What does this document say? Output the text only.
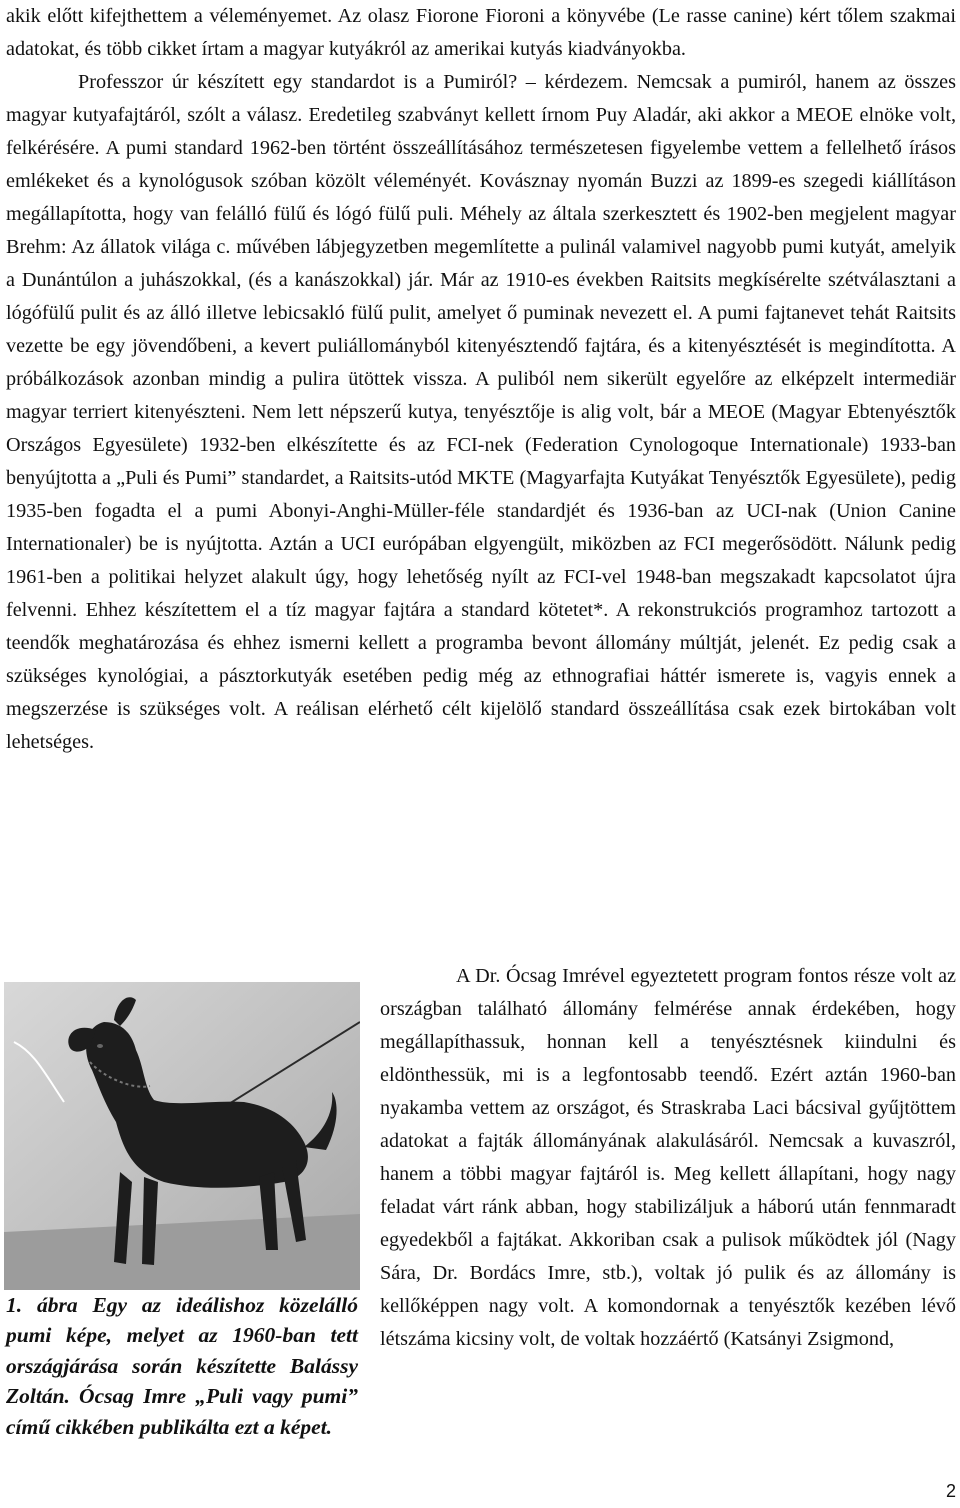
akik előtt kifejthettem a véleményemet. Az olasz Fiorone Fioroni a könyvébe (Le rasse canine) kért tőlem szakmai adatokat, és több cikket írtam a magyar kutyákról az amerikai kutyás kiadványokba.

Professzor úr készített egy standardot is a Pumiról? – kérdezem. Nemcsak a pumiról, hanem az összes magyar kutyafajtáról, szólt a válasz. Eredetileg szabványt kellett írnom Puy Aladár, aki akkor a MEOE elnöke volt, felkérésére. A pumi standard 1962-ben történt összeállításához természetesen figyelembe vettem a fellelhető írásos emlékeket és a kynológusok szóban közölt véleményét. Kovásznay nyomán Buzzi az 1899-es szegedi kiállításon megállapította, hogy van felálló fülű és lógó fülű puli. Méhely az általa szerkesztett és 1902-ben megjelent magyar Brehm: Az állatok világa c. művében lábjegyzetben megemlítette a pulinál valamivel nagyobb pumi kutyát, amelyik a Dunántúlon a juhászokkal, (és a kanászokkal) jár. Már az 1910-es években Raitsits megkísérelte szétválasztani a lógófülű pulit és az álló illetve lebicsakló fülű pulit, amelyet ő puminak nevezett el. A pumi fajtanevet tehát Raitsits vezette be egy jövendőbeni, a kevert puliállományból kitenyésztendő fajtára, és a kitenyésztését is megindította. A próbálkozások azonban mindig a pulira ütöttek vissza. A puliból nem sikerült egyelőre az elképzelt intermediär magyar terriert kitenyészteni. Nem lett népszerű kutya, tenyésztője is alig volt, bár a MEOE (Magyar Ebtenyésztők Országos Egyesülete) 1932-ben elkészítette és az FCI-nek (Federation Cynologoque Internationale) 1933-ban benyújtotta a „Puli és Pumi” standardet, a Raitsits-utód MKTE (Magyarfajta Kutyákat Tenyésztők Egyesülete), pedig 1935-ben fogadta el a pumi Abonyi-Anghi-Müller-féle standardjét és 1936-ban az UCI-nak (Union Canine Internationaler) be is nyújtotta. Aztán a UCI európában elgyengült, miközben az FCI megerősödött. Nálunk pedig 1961-ben a politikai helyzet alakult úgy, hogy lehetőség nyílt az FCI-vel 1948-ban megszakadt kapcsolatot újra felvenni. Ehhez készítettem el a tíz magyar fajtára a standard kötetet*. A rekonstrukciós programhoz tartozott a teendők meghatározása és ehhez ismerni kellett a programba bevont állomány múltját, jelenét. Ez pedig csak a szükséges kynológiai, a pásztorkutyák esetében pedig még az ethnografiai háttér ismerete is, vagyis ennek a megszerzése is szükséges volt. A reálisan elérhető célt kijelölő standard összeállítása csak ezek birtokában volt lehetséges.

1. ábra Egy az ideálishoz közelálló pumi képe, melyet az 1960-ban tett országjárása során készítette Balássy Zoltán. Ócsag Imre „Puli vagy pumi” című cikkében publikálta ezt a képet.

A Dr. Ócsag Imrével egyeztetett program fontos része volt az országban található állomány felmérése annak érdekében, hogy megállapíthassuk, honnan kell a tenyésztésnek kiindulni és eldönthessük, mi is a legfontosabb teendő. Ezért aztán 1960-ban nyakamba vettem az országot, és Straskraba Laci bácsival gyűjtöttem adatokat a fajták állományának alakulásáról. Nemcsak a kuvaszról, hanem a többi magyar fajtáról is. Meg kellett állapítani, hogy nagy feladat várt ránk abban, hogy stabilizáljuk a háború után fennmaradt egyedekből a fajtákat. Akkoriban csak a pulisok működtek jól (Nagy Sára, Dr. Bordács Imre, stb.), voltak jó pulik és az állomány is kellőképpen nagy volt. A komondornak a tenyésztők kezében lévő létszáma kicsiny volt, de voltak hozzáértő (Katsányi Zsigmond,

2
